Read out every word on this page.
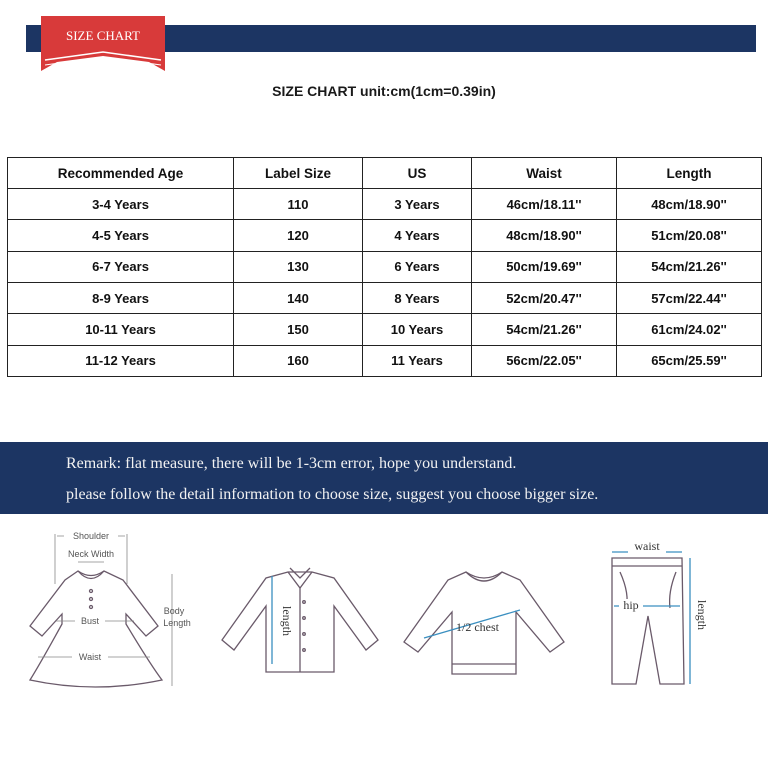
SIZE CHART
SIZE CHART unit:cm(1cm=0.39in)
Recommended Age	Label Size	US	Waist	Length
3-4 Years	110	3 Years	46cm/18.11''	48cm/18.90''
4-5 Years	120	4 Years	48cm/18.90''	51cm/20.08''
6-7 Years	130	6 Years	50cm/19.69''	54cm/21.26''
8-9 Years	140	8 Years	52cm/20.47''	57cm/22.44''
10-11 Years	150	10 Years	54cm/21.26''	61cm/24.02''
11-12 Years	160	11 Years	56cm/22.05''	65cm/25.59''
Remark: flat measure, there will be 1-3cm error, hope you understand.
please follow the detail information to choose size, suggest you choose bigger size.
Shoulder
Neck Width
Bust
Waist
Body
Length	length	1/2 chest
waist
hip	length
